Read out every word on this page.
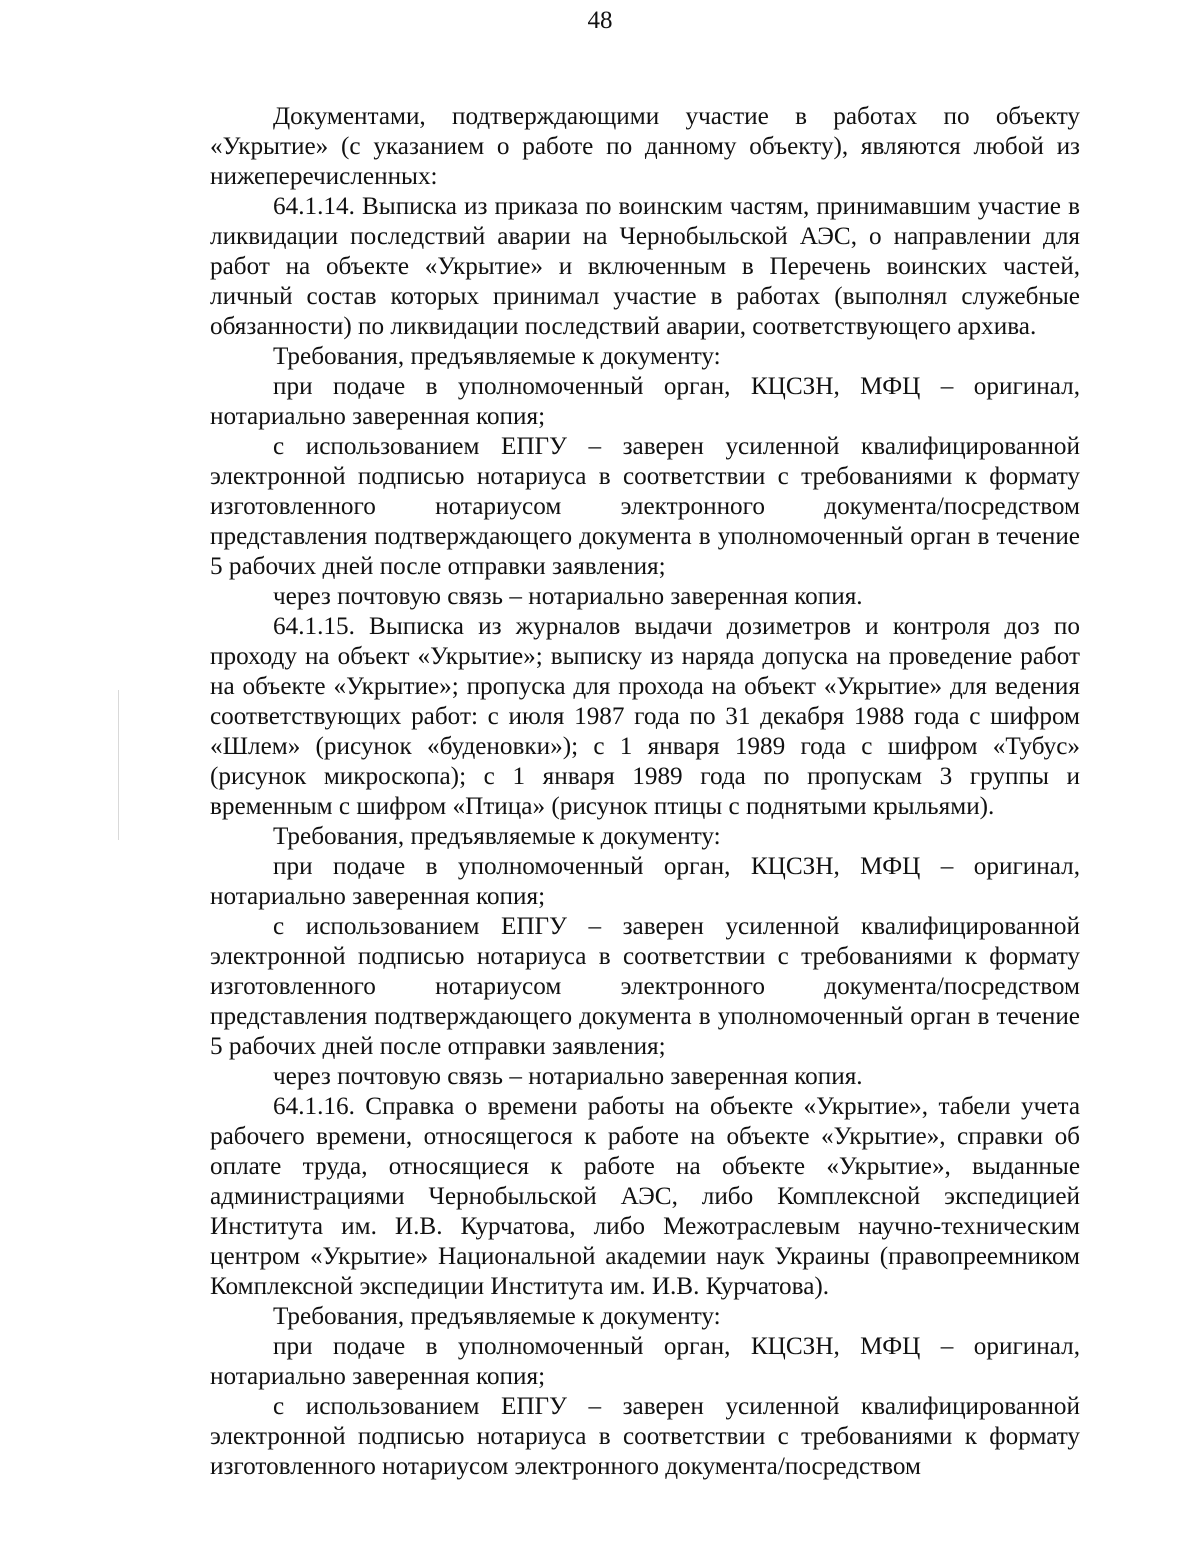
48

Документами, подтверждающими участие в работах по объекту «Укрытие» (с указанием о работе по данному объекту), являются любой из нижеперечисленных:

64.1.14. Выписка из приказа по воинским частям, принимавшим участие в ликвидации последствий аварии на Чернобыльской АЭС, о направлении для работ на объекте «Укрытие» и включенным в Перечень воинских частей, личный состав которых принимал участие в работах (выполнял служебные обязанности) по ликвидации последствий аварии, соответствующего архива.

Требования, предъявляемые к документу:

при подаче в уполномоченный орган, КЦСЗН, МФЦ – оригинал, нотариально заверенная копия;

с использованием ЕПГУ – заверен усиленной квалифицированной электронной подписью нотариуса в соответствии с требованиями к формату изготовленного нотариусом электронного документа/посредством представления подтверждающего документа в уполномоченный орган в течение 5 рабочих дней после отправки заявления;

через почтовую связь – нотариально заверенная копия.

64.1.15. Выписка из журналов выдачи дозиметров и контроля доз по проходу на объект «Укрытие»; выписку из наряда допуска на проведение работ на объекте «Укрытие»; пропуска для прохода на объект «Укрытие» для ведения соответствующих работ: с июля 1987 года по 31 декабря 1988 года с шифром «Шлем» (рисунок «буденовки»); с 1 января 1989 года с шифром «Тубус» (рисунок микроскопа); с 1 января 1989 года по пропускам 3 группы и временным с шифром «Птица» (рисунок птицы с поднятыми крыльями).

Требования, предъявляемые к документу:

при подаче в уполномоченный орган, КЦСЗН, МФЦ – оригинал, нотариально заверенная копия;

с использованием ЕПГУ – заверен усиленной квалифицированной электронной подписью нотариуса в соответствии с требованиями к формату изготовленного нотариусом электронного документа/посредством представления подтверждающего документа в уполномоченный орган в течение 5 рабочих дней после отправки заявления;

через почтовую связь – нотариально заверенная копия.

64.1.16. Справка о времени работы на объекте «Укрытие», табели учета рабочего времени, относящегося к работе на объекте «Укрытие», справки об оплате труда, относящиеся к работе на объекте «Укрытие», выданные администрациями Чернобыльской АЭС, либо Комплексной экспедицией Института им. И.В. Курчатова, либо Межотраслевым научно-техническим центром «Укрытие» Национальной академии наук Украины (правопреемником Комплексной экспедиции Института им. И.В. Курчатова).

Требования, предъявляемые к документу:

при подаче в уполномоченный орган, КЦСЗН, МФЦ – оригинал, нотариально заверенная копия;

с использованием ЕПГУ – заверен усиленной квалифицированной электронной подписью нотариуса в соответствии с требованиями к формату изготовленного нотариусом электронного документа/посредством
